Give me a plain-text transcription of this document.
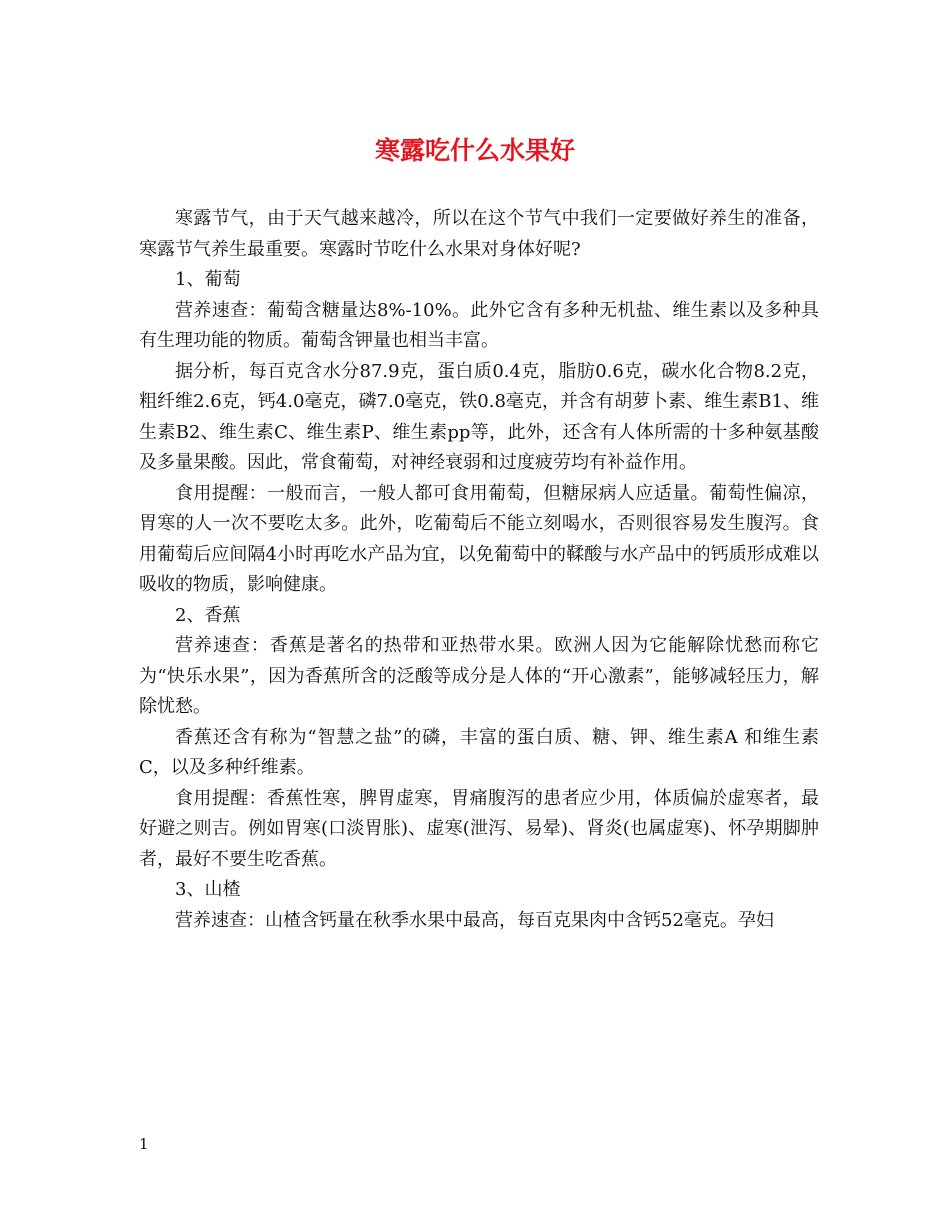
寒露吃什么水果好

寒露节气，由于天气越来越冷，所以在这个节气中我们一定要做好养生的准备，寒露节气养生最重要。寒露时节吃什么水果对身体好呢?

1、葡萄

营养速查：葡萄含糖量达8%-10%。此外它含有多种无机盐、维生素以及多种具有生理功能的物质。葡萄含钾量也相当丰富。

据分析，每百克含水分87.9克，蛋白质0.4克，脂肪0.6克，碳水化合物8.2克，粗纤维2.6克，钙4.0毫克，磷7.0毫克，铁0.8毫克，并含有胡萝卜素、维生素B1、维生素B2、维生素C、维生素P、维生素pp等，此外，还含有人体所需的十多种氨基酸及多量果酸。因此，常食葡萄，对神经衰弱和过度疲劳均有补益作用。

食用提醒：一般而言，一般人都可食用葡萄，但糖尿病人应适量。葡萄性偏凉，胃寒的人一次不要吃太多。此外，吃葡萄后不能立刻喝水，否则很容易发生腹泻。食用葡萄后应间隔4小时再吃水产品为宜，以免葡萄中的鞣酸与水产品中的钙质形成难以吸收的物质，影响健康。

2、香蕉

营养速查：香蕉是著名的热带和亚热带水果。欧洲人因为它能解除忧愁而称它为“快乐水果”，因为香蕉所含的泛酸等成分是人体的“开心激素”，能够减轻压力，解除忧愁。

香蕉还含有称为“智慧之盐”的磷，丰富的蛋白质、糖、钾、维生素A 和维生素C，以及多种纤维素。

食用提醒：香蕉性寒，脾胃虚寒，胃痛腹泻的患者应少用，体质偏於虚寒者，最好避之则吉。例如胃寒(口淡胃胀)、虚寒(泄泻、易晕)、肾炎(也属虚寒)、怀孕期脚肿者，最好不要生吃香蕉。

3、山楂

营养速查：山楂含钙量在秋季水果中最高，每百克果肉中含钙52毫克。孕妇

1
